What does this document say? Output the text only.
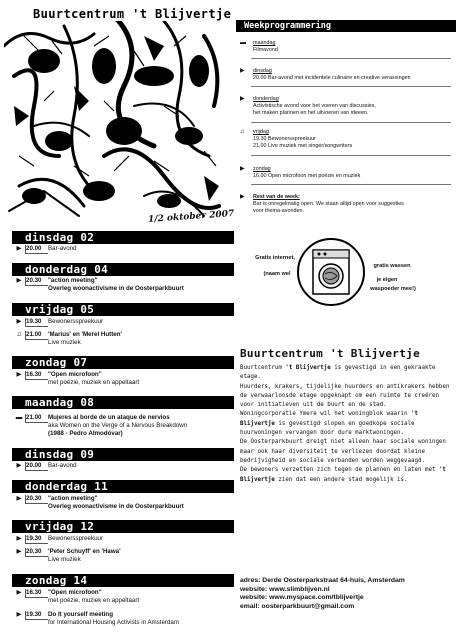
Buurtcentrum 't Blijvertje
1/2 oktober 2007
dinsdag 02
▶ 20.00	Bar-avond
donderdag 04
▶ 20.30	"action meeting"
Overleg woonactivisme in de Oosterparkbuurt
vrijdag 05
▶ 19.30	Bewonersspreekuur
♫ 21.00	'Marius' en 'Merel Hutten'
Live muziek
zondag 07
▶ 16.30	"Open microfoon"
met poëzie, muziek en appeltaart
maandag 08
▬ 21.00	Mujeres al borde de un ataque de nervios
aka Women on the Verge of a Nervous Breakdown
(1988 - Pedro Almodóvar)
dinsdag 09
▶ 20.00	Bar-avond
donderdag 11
▶ 20.30	"action meeting"
Overleg woonactivisme in de Oosterparkbuurt
vrijdag 12
▶ 19.30	Bewonersspreekuur
▶ 20.30	'Peter Schuyff' en 'Hawa'
Live muziek
zondag 14
▶ 16.30	"Open microfoon"
met poëzie, muziek en appeltaart
▶ 19.30	Do It yourself meeting
for International Housing Activists in Amsterdam
Weekprogrammering
▬ maandag
Filmavond
▶ dinsdag
20.00 Bar-avond met incidentele culinaire en creative verassingen
▶ donderdag
Activistische avond voor het voeren van discussies,
het maken plannen en het uitvoeren van ideeen.
♫ vrijdag
19.30 Bewonersspreekuur
21.00 Live muziek met singer/songwriters
▶ zondag
16.00 Open microfoon met poëzie en muziek
▶ Rest van de week:
Bar is onregelmatig open. We staan altijd open voor suggesties
voor thema-avonden.
Gratis internet,
(naam wel
gratis wassen
je eigen
waspoeder mee!)
Buurtcentrum 't Blijvertje

Buurtcentrum 't Blijvertje is gevestigd in een gekraakte etage.

Huurders, krakers, tijdelijke huurders en antikrakers hebben de verwaarloosde etage opgeknapt om een ruimte te creëren voor initiatieven uit de buurt en de stad.

Woningcorporatie Ymere wil het woningblok waarin 't Blijvertje is gevestigd slopen en goedkope sociale huurwoningen vervangen door dure marktwoningen.

De Oosterparkbuurt dreigt niet alleen haar sociale woningen maar ook haar diversiteit te verliezen doordat kleine bedrijvigheid en sociale verbanden worden weggevaagd.

De bewoners verzetten zich tegen de plannen en laten met 't Blijvertje zien dat een andere stad mogelijk is.

adres: Derde Oosterparkstraat 64-huis, Amsterdam
website: www.slimblijven.nl
website: www.myspace.com/tblijvertje
email: oosterparkbuurt@gmail.com
